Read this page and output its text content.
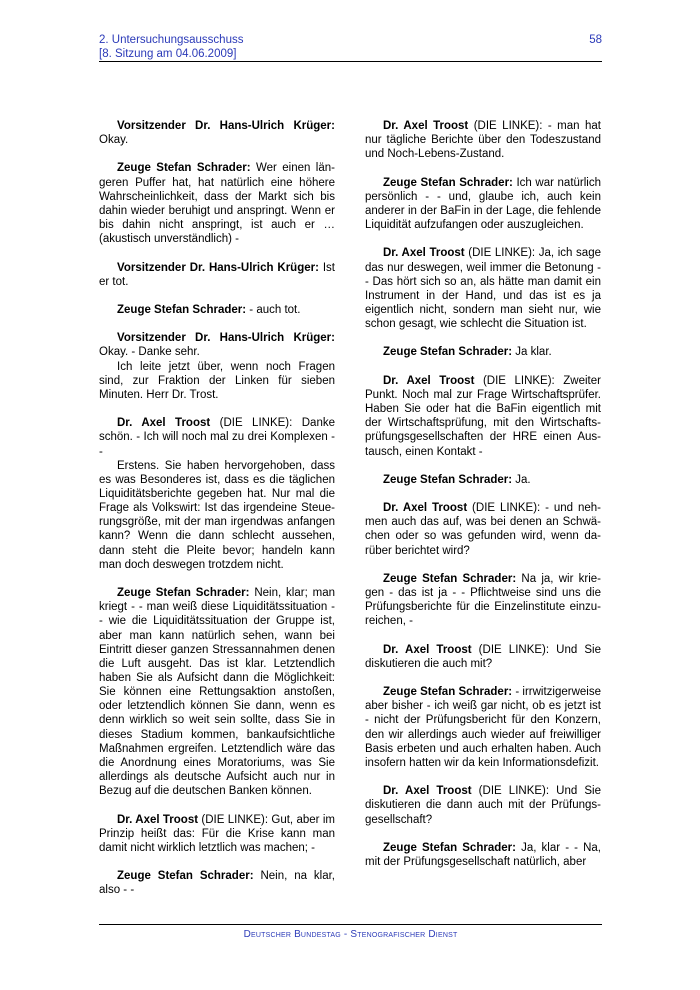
2. Untersuchungsausschuss
[8. Sitzung am 04.06.2009]
58

Vorsitzender Dr. Hans-Ulrich Krüger: Okay.

Zeuge Stefan Schrader: Wer einen längeren Puffer hat, hat natürlich eine höhere Wahrscheinlichkeit, dass der Markt sich bis dahin wieder beruhigt und anspringt. Wenn er bis dahin nicht anspringt, ist auch er … (akustisch unverständlich) -

Vorsitzender Dr. Hans-Ulrich Krüger: Ist er tot.

Zeuge Stefan Schrader: - auch tot.

Vorsitzender Dr. Hans-Ulrich Krüger: Okay. - Danke sehr.

Ich leite jetzt über, wenn noch Fragen sind, zur Fraktion der Linken für sieben Minuten. Herr Dr. Trost.

Dr. Axel Troost (DIE LINKE): Danke schön. - Ich will noch mal zu drei Komplexen - -

Erstens. Sie haben hervorgehoben, dass es was Besonderes ist, dass es die täglichen Liquiditätsberichte gegeben hat. Nur mal die Frage als Volkswirt: Ist das irgendeine Steuerungsgröße, mit der man irgendwas anfangen kann? Wenn die dann schlecht aussehen, dann steht die Pleite bevor; handeln kann man doch deswegen trotzdem nicht.

Zeuge Stefan Schrader: Nein, klar; man kriegt - - man weiß diese Liquiditätssituation - - wie die Liquiditätssituation der Gruppe ist, aber man kann natürlich sehen, wann bei Eintritt dieser ganzen Stressannahmen denen die Luft ausgeht. Das ist klar. Letztendlich haben Sie als Aufsicht dann die Möglichkeit: Sie können eine Rettungsaktion anstoßen, oder letztendlich können Sie dann, wenn es denn wirklich so weit sein sollte, dass Sie in dieses Stadium kommen, bankaufsichtliche Maßnahmen ergreifen. Letztendlich wäre das die Anordnung eines Moratoriums, was Sie allerdings als deutsche Aufsicht auch nur in Bezug auf die deutschen Banken können.

Dr. Axel Troost (DIE LINKE): Gut, aber im Prinzip heißt das: Für die Krise kann man damit nicht wirklich letztlich was machen; -

Zeuge Stefan Schrader: Nein, na klar, also - -

Dr. Axel Troost (DIE LINKE): - man hat nur tägliche Berichte über den Todeszustand und Noch-Lebens-Zustand.

Zeuge Stefan Schrader: Ich war natürlich persönlich - - und, glaube ich, auch kein anderer in der BaFin in der Lage, die fehlende Liquidität aufzufangen oder auszugleichen.

Dr. Axel Troost (DIE LINKE): Ja, ich sage das nur deswegen, weil immer die Betonung - - Das hört sich so an, als hätte man damit ein Instrument in der Hand, und das ist es ja eigentlich nicht, sondern man sieht nur, wie schon gesagt, wie schlecht die Situation ist.

Zeuge Stefan Schrader: Ja klar.

Dr. Axel Troost (DIE LINKE): Zweiter Punkt. Noch mal zur Frage Wirtschaftsprüfer. Haben Sie oder hat die BaFin eigentlich mit der Wirtschaftsprüfung, mit den Wirtschaftsprüfungsgesellschaften der HRE einen Austausch, einen Kontakt -

Zeuge Stefan Schrader: Ja.

Dr. Axel Troost (DIE LINKE): - und nehmen auch das auf, was bei denen an Schwächen oder so was gefunden wird, wenn darüber berichtet wird?

Zeuge Stefan Schrader: Na ja, wir kriegen - das ist ja - - Pflichtweise sind uns die Prüfungsberichte für die Einzelinstitute einzureichen, -

Dr. Axel Troost (DIE LINKE): Und Sie diskutieren die auch mit?

Zeuge Stefan Schrader: - irrwitzigerweise aber bisher - ich weiß gar nicht, ob es jetzt ist - nicht der Prüfungsbericht für den Konzern, den wir allerdings auch wieder auf freiwilliger Basis erbeten und auch erhalten haben. Auch insofern hatten wir da kein Informationsdefizit.

Dr. Axel Troost (DIE LINKE): Und Sie diskutieren die dann auch mit der Prüfungsgesellschaft?

Zeuge Stefan Schrader: Ja, klar - - Na, mit der Prüfungsgesellschaft natürlich, aber

Deutscher Bundestag - Stenografischer Dienst
